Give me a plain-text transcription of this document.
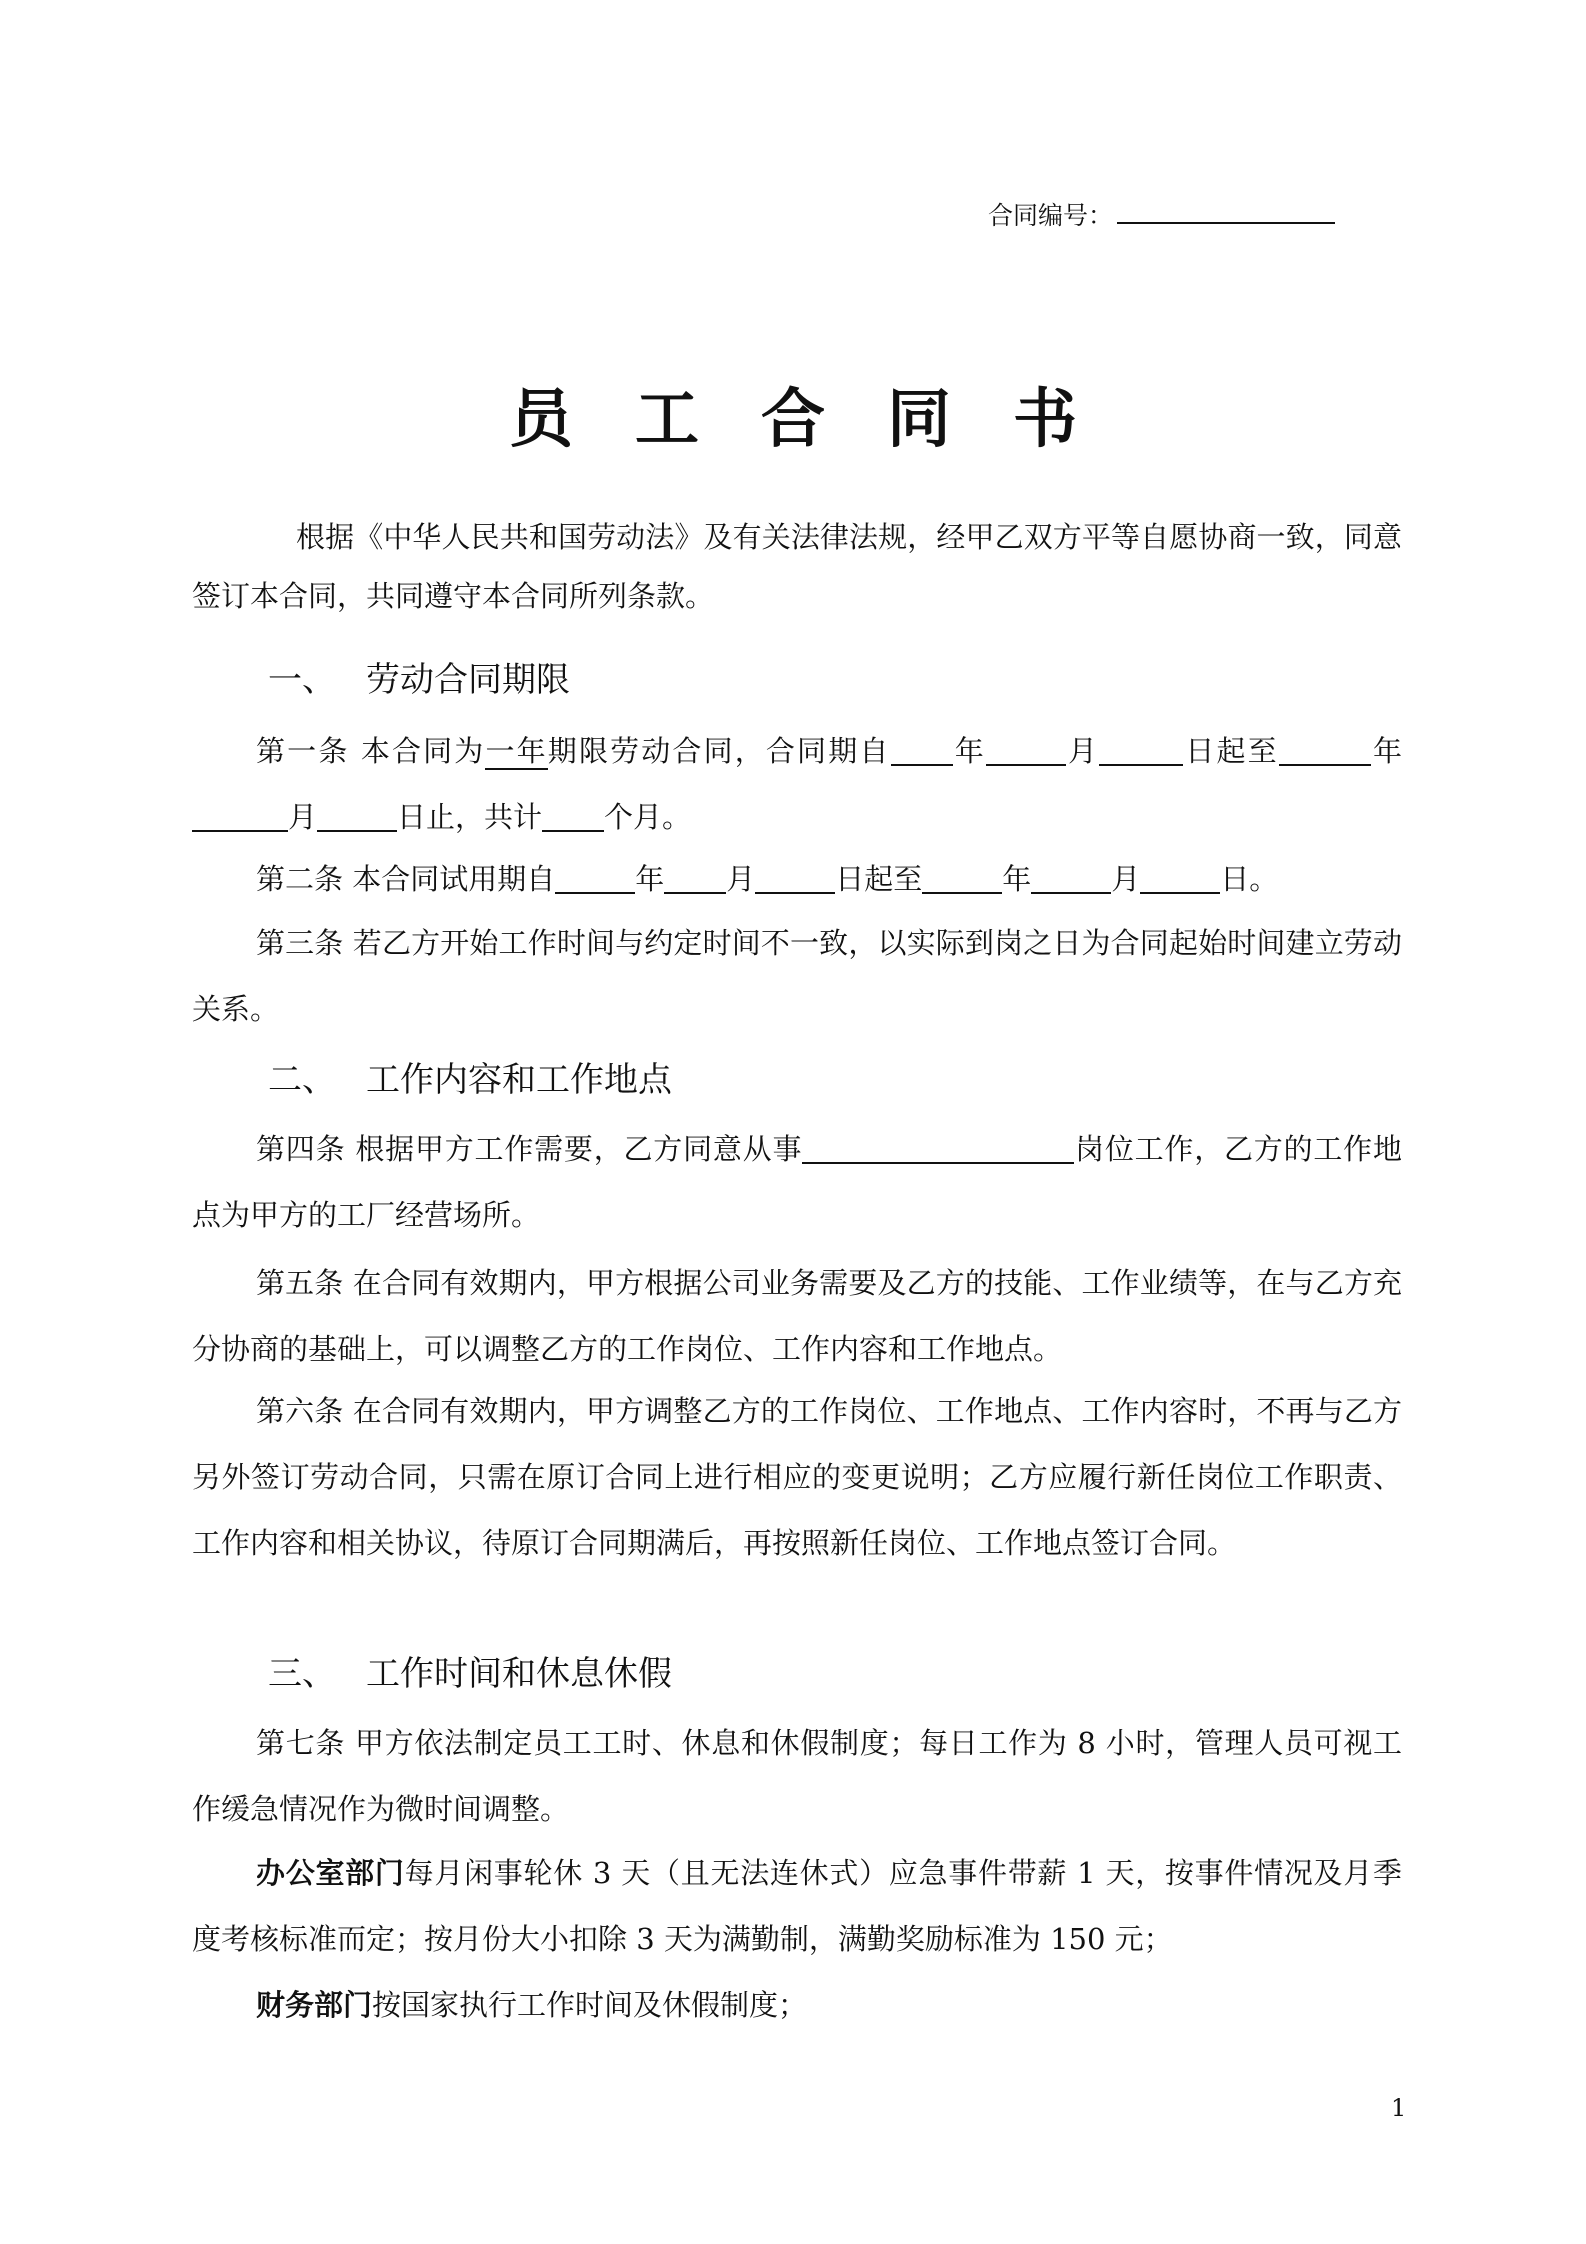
合同编号：
员工合同书

根据《中华人民共和国劳动法》及有关法律法规，经甲乙双方平等自愿协商一致，同意签订本合同，共同遵守本合同所列条款。

一、 劳动合同期限

第一条 本合同为一年期限劳动合同，合同期自 年	月	日起至	年月	日止，共计 个月。

第二条 本合同试用期自	年 月	日起至	年	月	日。

第三条 若乙方开始工作时间与约定时间不一致，以实际到岗之日为合同起始时间建立劳动关系。

二、 工作内容和工作地点

第四条 根据甲方工作需要，乙方同意从事	岗位工作，乙方的工作地点为甲方的工厂经营场所。

第五条 在合同有效期内，甲方根据公司业务需要及乙方的技能、工作业绩等，在与乙方充分协商的基础上，可以调整乙方的工作岗位、工作内容和工作地点。

第六条 在合同有效期内，甲方调整乙方的工作岗位、工作地点、工作内容时，不再与乙方另外签订劳动合同，只需在原订合同上进行相应的变更说明；乙方应履行新任岗位工作职责、工作内容和相关协议，待原订合同期满后，再按照新任岗位、工作地点签订合同。

三、 工作时间和休息休假

第七条 甲方依法制定员工工时、休息和休假制度；每日工作为 8 小时，管理人员可视工作缓急情况作为微时间调整。

办公室部门每月闲事轮休 3 天（且无法连休式）应急事件带薪 1 天，按事件情况及月季度考核标准而定；按月份大小扣除 3 天为满勤制，满勤奖励标准为 150 元；

财务部门按国家执行工作时间及休假制度；

1
